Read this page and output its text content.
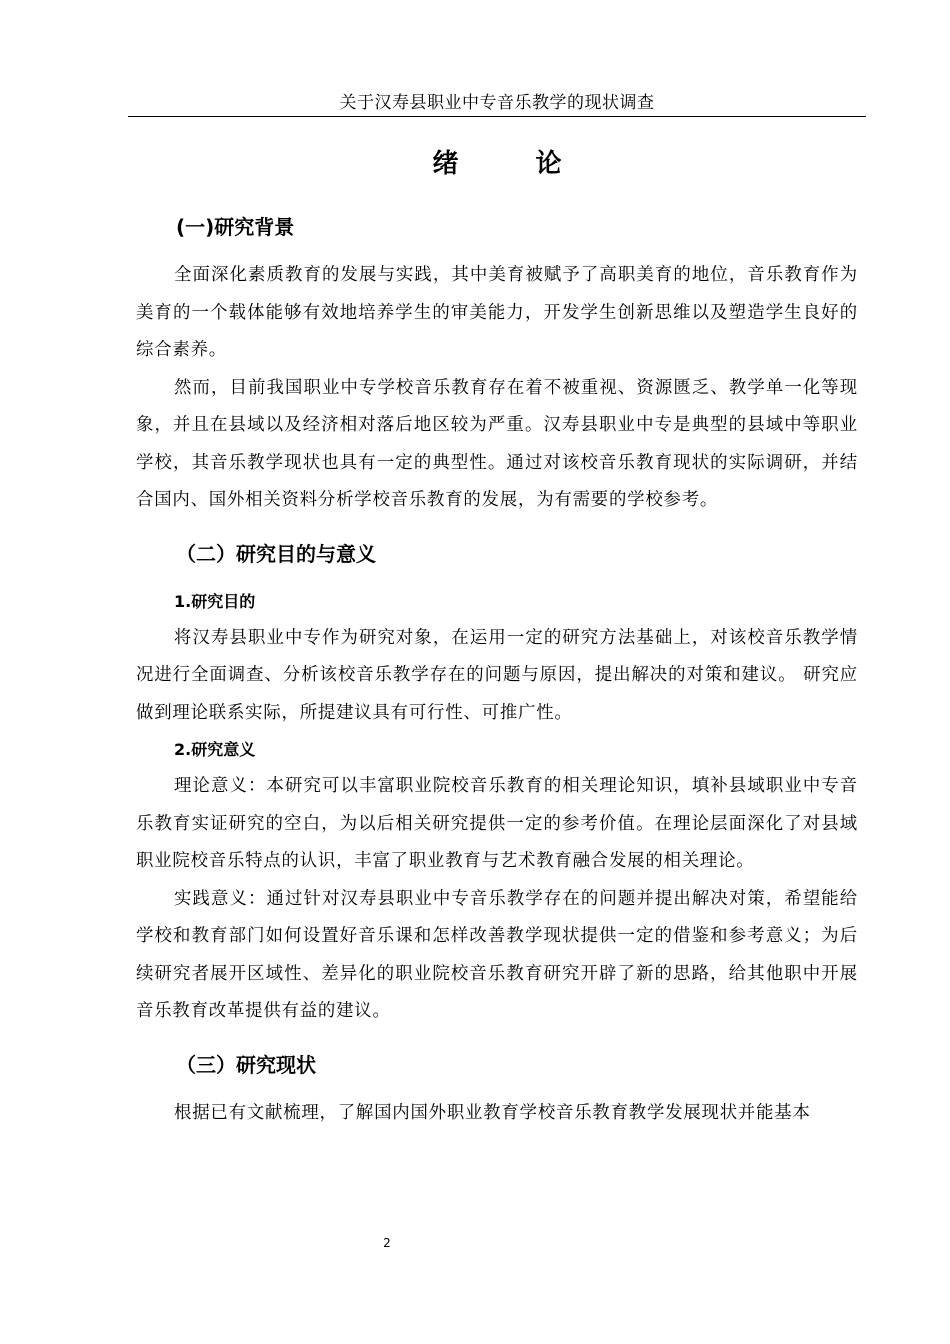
关于汉寿县职业中专音乐教学的现状调查
绪 论
(一)研究背景

全面深化素质教育的发展与实践，其中美育被赋予了高职美育的地位，音乐教育作为美育的一个载体能够有效地培养学生的审美能力，开发学生创新思维以及塑造学生良好的综合素养。

然而，目前我国职业中专学校音乐教育存在着不被重视、资源匮乏、教学单一化等现象，并且在县域以及经济相对落后地区较为严重。汉寿县职业中专是典型的县域中等职业学校，其音乐教学现状也具有一定的典型性。通过对该校音乐教育现状的实际调研，并结合国内、国外相关资料分析学校音乐教育的发展，为有需要的学校参考。

（二）研究目的与意义
1.研究目的

将汉寿县职业中专作为研究对象，在运用一定的研究方法基础上，对该校音乐教学情况进行全面调查、分析该校音乐教学存在的问题与原因，提出解决的对策和建议。 研究应做到理论联系实际，所提建议具有可行性、可推广性。

2.研究意义

理论意义：本研究可以丰富职业院校音乐教育的相关理论知识，填补县域职业中专音乐教育实证研究的空白，为以后相关研究提供一定的参考价值。在理论层面深化了对县域职业院校音乐特点的认识，丰富了职业教育与艺术教育融合发展的相关理论。

实践意义：通过针对汉寿县职业中专音乐教学存在的问题并提出解决对策，希望能给学校和教育部门如何设置好音乐课和怎样改善教学现状提供一定的借鉴和参考意义；为后续研究者展开区域性、差异化的职业院校音乐教育研究开辟了新的思路，给其他职中开展音乐教育改革提供有益的建议。

（三）研究现状

根据已有文献梳理，了解国内国外职业教育学校音乐教育教学发展现状并能基本

2
